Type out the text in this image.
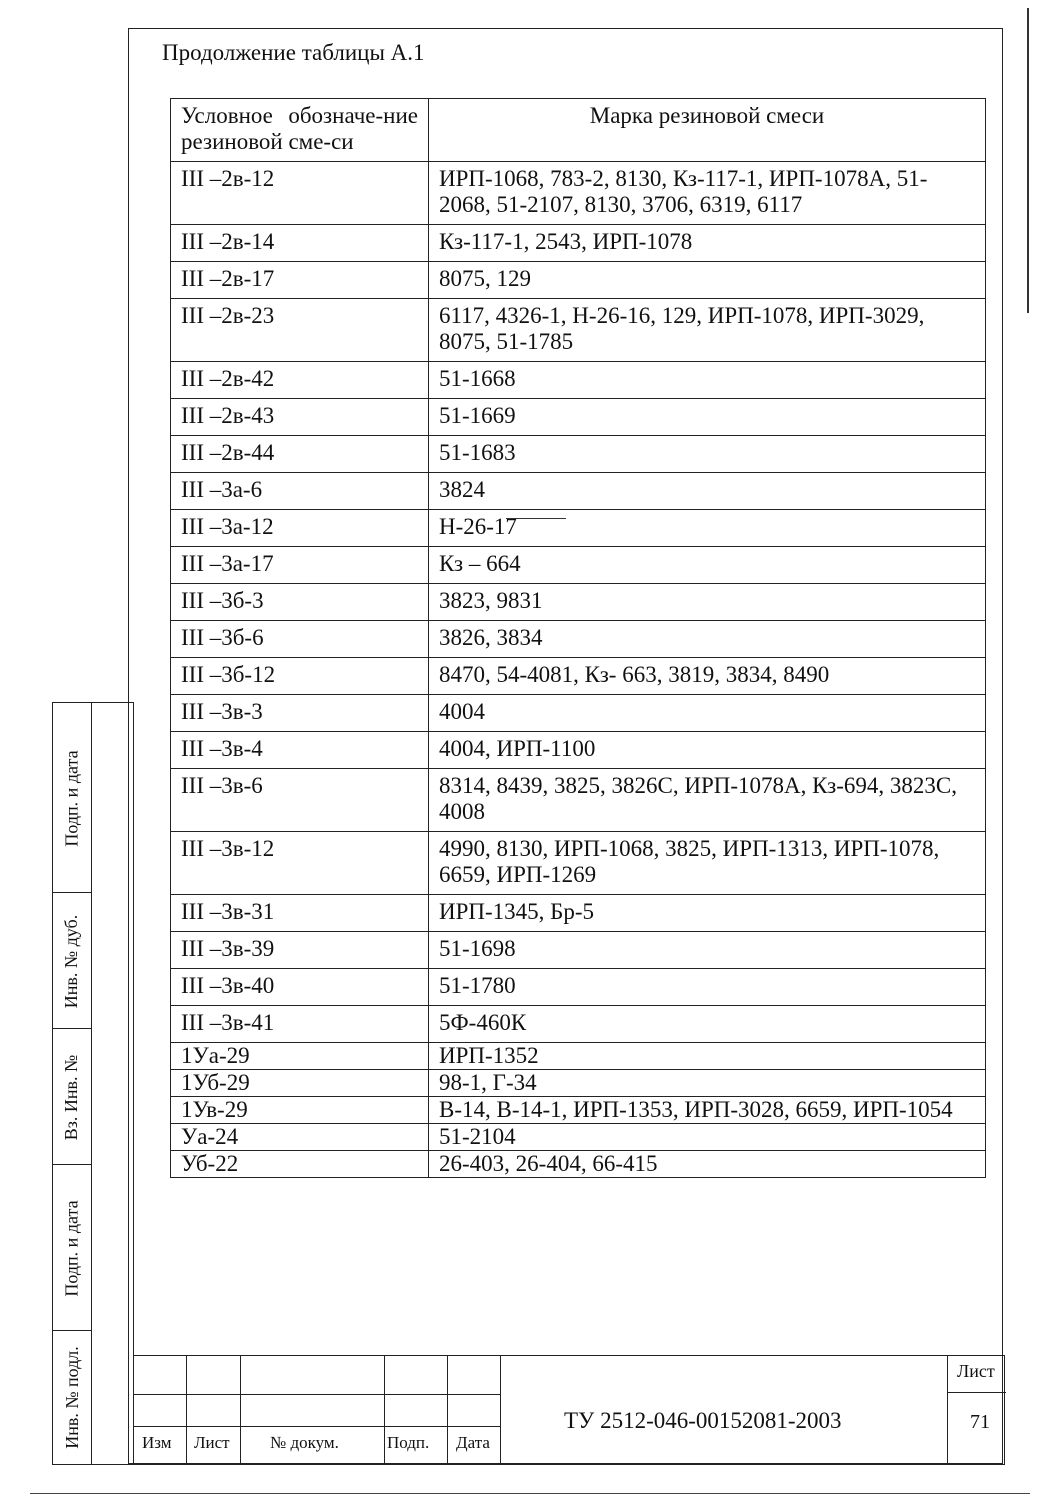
Продолжение таблицы А.1
Условное обозначе-ние резиновой сме-си	Марка резиновой смеси
III –2в-12	ИРП-1068, 783-2, 8130, Кз-117-1, ИРП-1078А, 51-2068, 51-2107, 8130, 3706, 6319, 6117
III –2в-14	Кз-117-1, 2543, ИРП-1078
III –2в-17	8075, 129
III –2в-23	6117, 4326-1, Н-26-16, 129, ИРП-1078, ИРП-3029, 8075, 51-1785
III –2в-42	51-1668
III –2в-43	51-1669
III –2в-44	51-1683
III –3а-6	3824
III –3а-12	Н-26-17
III –3а-17	Кз – 664
III –3б-3	3823, 9831
III –3б-6	3826, 3834
III –3б-12	8470, 54-4081, Кз- 663, 3819, 3834, 8490
III –3в-3	4004
III –3в-4	4004, ИРП-1100
III –3в-6	8314, 8439, 3825, 3826С, ИРП-1078А, Кз-694, 3823С, 4008
III –3в-12	4990, 8130, ИРП-1068, 3825, ИРП-1313, ИРП-1078, 6659, ИРП-1269
III –3в-31	ИРП-1345, Бр-5
III –3в-39	51-1698
III –3в-40	51-1780
III –3в-41	5Ф-460К
1Уа-29	ИРП-1352
1Уб-29	98-1, Г-34
1Ув-29	В-14, В-14-1, ИРП-1353, ИРП-3028, 6659, ИРП-1054
Уа-24	51-2104
Уб-22	26-403, 26-404, 66-415
Подп. и дата
Инв. № дуб.
Вз. Инв. №
Подп. и дата
Инв. № подл.	Изм Лист № докум.	Подп. Дата
ТУ 2512-046-00152081-2003
Лист
71
